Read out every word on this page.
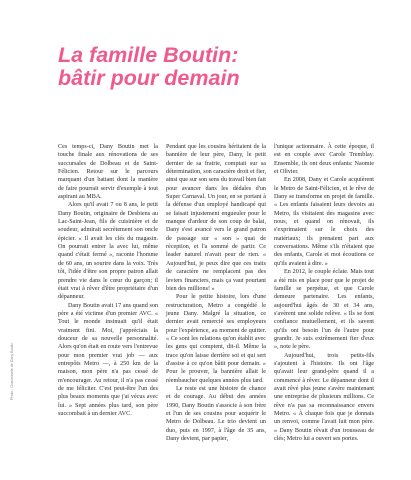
La famille Boutin:
bâtir pour demain

Ces temps-ci, Dany Boutin met la touche finale aux rénovations de ses succursales de Dolbeau et de Saint-Félicien. Retour sur le parcours marquant d'un battant dont la manière de faire pourrait servir d'exemple à tout aspirant au MBA.

Alors qu'il avait 7 ou 8 ans, le petit Dany Boutin, originaire de Desbiens au Lac-Saint-Jean, fils de cuisinière et de soudeur, admirait secrètement son oncle épicier. « Il avait les clés du magasin. On pourrait entrer la avec lui, même quand c'était fermé », raconte l'homme de 60 ans, un sourire dans la voix. Très tôt, l'idée d'être son propre patron allait prendre vie dans le cœur du garçon; il était vrai à rêver d'être propriétaire d'un dépanneur.

Dany Boutin avait 17 ans quand son père a été victime d'un premier AVC. « Tout le monde insinuait qu'il était vraiment fini. Moi, j'appréciais la douceur de sa nouvelle personnalité. Alors qu'on était en route vers l'entrevue pour mon premier vrai job — aux entrepôts Metro —, à 250 km de la maison, mon père n'a pas cessé de m'encourager. Au retour, il n'a pas cessé de me féliciter. C'est peut-être l'un des plus beaux moments que j'ai vécus avec lui. » Sept années plus tard, son père succombait à un dernier AVC.

Pendant que les cousins héritaient de la bannière de leur père, Dany, le petit dernier de sa fratrie, comptait sur sa détermination, son caractère droit et fier, ainsi que sur son sens du travail bien fait pour avancer dans les dédales d'un Super Carnaval. Un jour, en se portant à la défense d'un employé handicapé qui se faisait injustement engueuler pour le manque d'ardeur de son coup de balai, Dany s'est avancé vers le grand patron de passage sur « son » quai de réception, et l'a sommé de partir. Ce leader naturel n'avait peur de rien. « Aujourd'hui, je peux dire que ces traits de caractère ne remplacent pas des leviers financiers, mais ça vaut pourtant bien des millions! »

Pour le petite histoire, lors d'une restructuration, Metro a congédié le jeune Dany. Malgré la situation, ce dernier avait remercié ses employeurs pour l'expérience, au moment de quitter. « Ce sont les relations qu'on établit avec les gens qui comptent, dit-il. Même la trace qu'on laisse derrière soi et qui sert d'assise à ce qu'on bâtit pour demain. » Pour le prouver, la bannière allait le réembaucher quelques années plus tard.

Le reste est une histoire de chance et de courage. Au début des années 1990, Dany Boutin s'associe à son frère et l'un de ses cousins pour acquérir le Metro de Dolbeau. Le trio devient un duo, puis en 1997, à l'âge de 35 ans, Dany devient, par papier,

l'unique actionnaire. À cette époque, il est en couple avec Carole Tremblay. Ensemble, ils ont deux enfants: Naomie et Olivier.

En 2008, Dany et Carole acquièrent le Metro de Saint-Félicien, et le rêve de Dany se transforme en projet de famille. « Les enfants faisaient leurs devoirs au Metro, ils visitaient des magasins avec nous, et quand on rénovait, ils s'exprimaient sur le choix des matériaux; ils prenaient part aux conversations. Même s'ils n'étaient que des enfants, Carole et moi écoutions ce qu'ils avaient à dire. »

En 2012, le couple éclate. Mais tout a été mis en place pour que le projet de famille se perpétue, et que Carole demeure partenaire. Les enfants, aujourd'hui âgés de 30 et 34 ans, s'avèrent une solide relève. « Ils se font confiance mutuellement, et ils savent qu'ils ont besoin l'un de l'autre pour grandir. Je suis extrêmement fier d'eux », note le père.

Aujourd'hui, trois petits-fils s'ajoutent à l'histoire. Ils ont l'âge qu'avait leur grand-père quand il a commencé à rêver. Le dépanneur dont il avait rêvé plus jeune s'avère maintenant une entreprise de plusieurs millions. Ce rêve n'a pas sa reconnaissance envers Metro. « À chaque fois que je donnais un renvoi, comme l'avait fait mon père. » Dany Boutin rêvait d'un trousseau de clés; Metro lui a ouvert ses portes.

Photo : Gracieuseté de Dany Boutin
